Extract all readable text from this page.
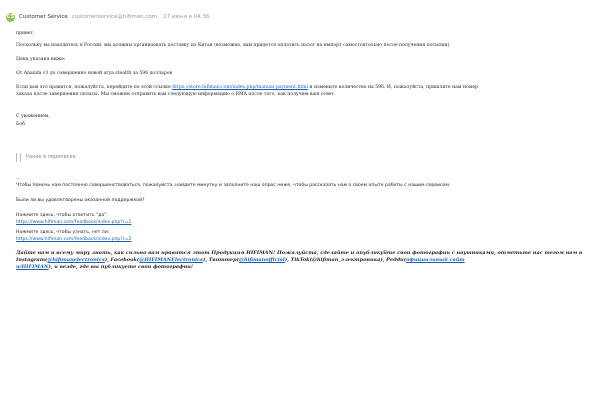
CS Customer Service customerservice@hifiman.com 17 июня в 04:36
привет,
Поскольку вы находитесь в России, мы должны организовать доставку из Китая (возможно, вам придется оплатить налог на импорт самостоятельно после получения посылки).
Цена указана ниже:
От Ananda v3 до совершенно новой arya stealth за 596 долларов
Если вам это нравится, пожалуйста, перейдите по этой ссылке https://store.hifiman.com/index.php/manual-payment.html и измените количество на 596. И, пожалуйста, пришлите нам номер
заказа после завершения оплаты. Мы сможем отправить вам следующую информацию о RMA после того, как получим ваш ответ.
С уважением,
Боб
Ранее в переписке
...
Чтобы помочь нам постоянно совершенствоваться, пожалуйста, найдите минутку и заполните наш опрос ниже, чтобы рассказать нам о своем опыте работы с нашим сервисом.
Были ли вы удовлетворены оказанной поддержкой?
Нажмите здесь, чтобы ответить "да":
https://www.hifiman.com/feedback/index.php?r=1
Нажмите здесь, чтобы узнать, нет ли:
https://www.hifiman.com/feedback/index.php?r=2
Дайте нам и всему миру знать, как сильно вам нравится этот Продукция HIFIMAN! Пожалуйста, сделайте и опубликуйте свои фотографии с наушниками, отметьте нас тегом нам в Instagram(@hifimanelectronics), Facebook(@HIFIMANElectronics), Твиттер(@hifimanofficial), TikTok(@hifiman_электроника), Редди(официальный сайт
u/HIFIMAN), и везде, где вы публикуете свои фотографии!
